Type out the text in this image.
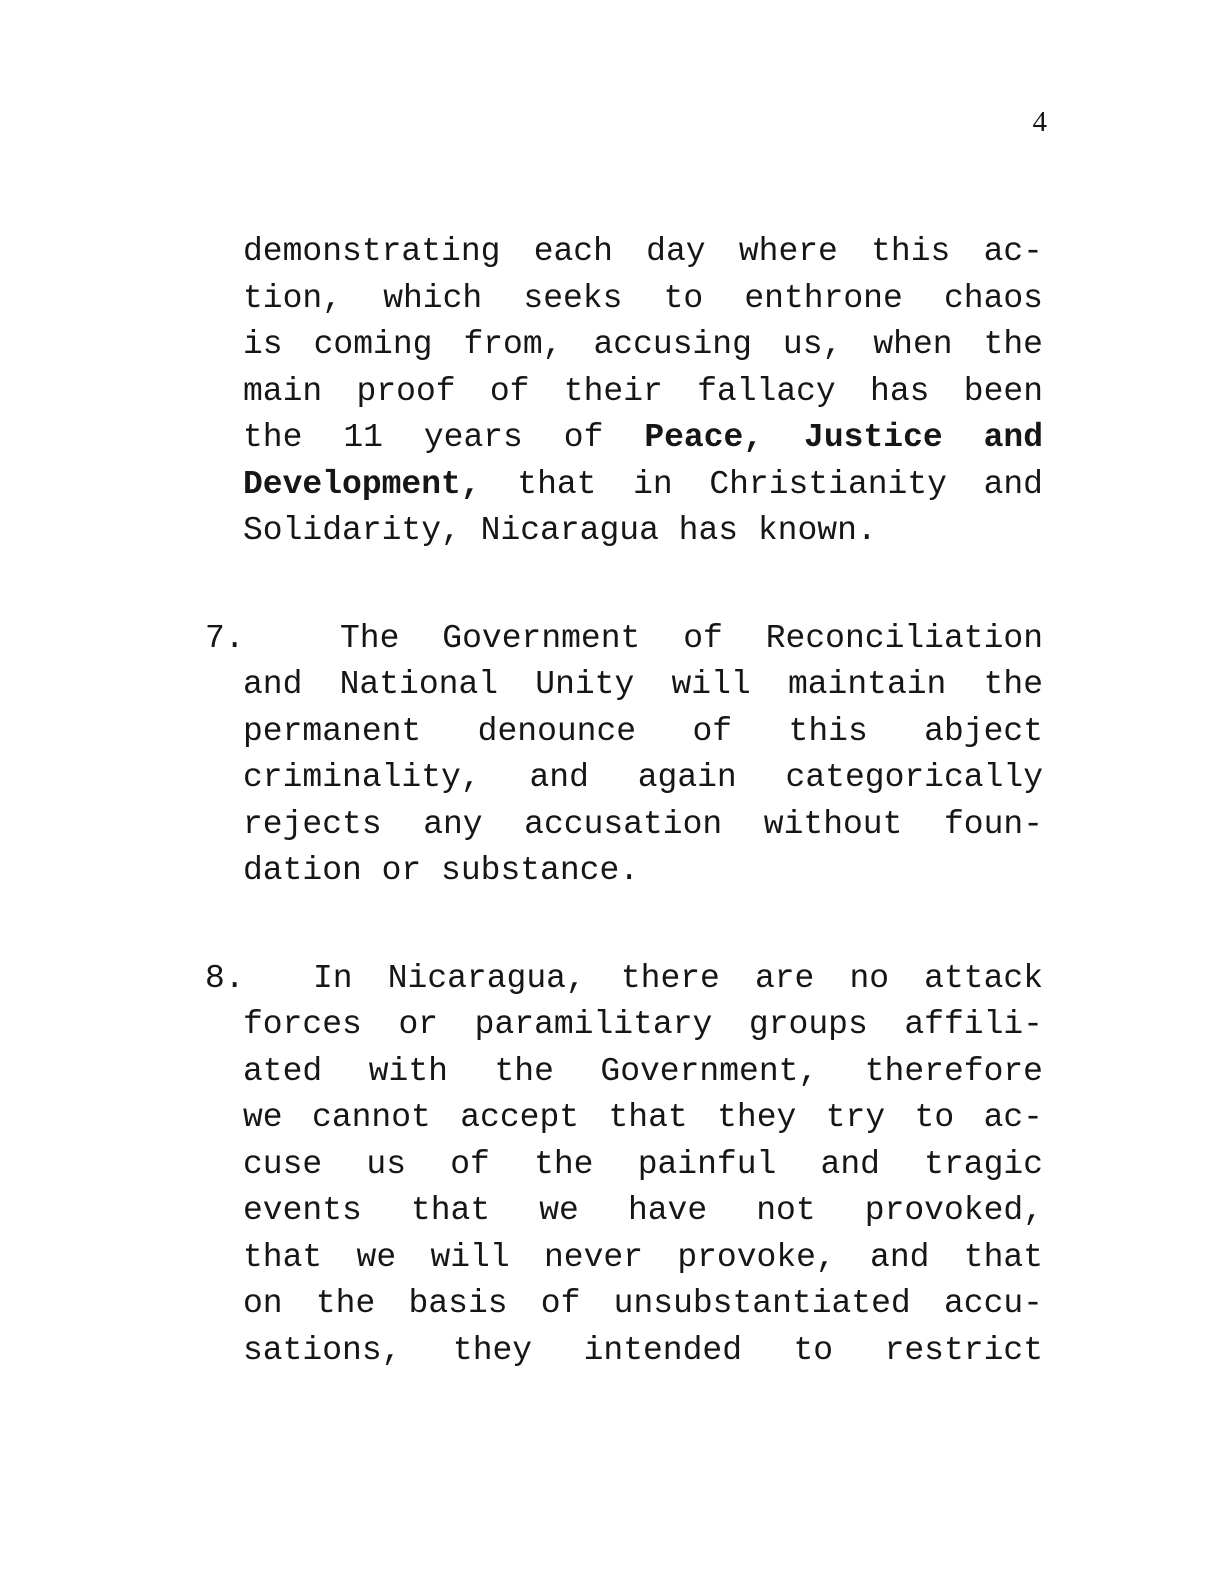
4
demonstrating each day where this ac-
tion, which seeks to enthrone chaos
is coming from, accusing us, when the
main proof of their fallacy has been
the 11 years of Peace, Justice and
Development, that in Christianity and
Solidarity, Nicaragua has known.
7.	The Government of Reconciliation
and National Unity will maintain the
permanent denounce of this abject
criminality, and again categorically
rejects any accusation without foun-
dation or substance.
8. In Nicaragua, there are no attack
forces or paramilitary groups affili-
ated with the Government, therefore
we cannot accept that they try to ac-
cuse us of the painful and tragic
events that we have not provoked,
that we will never provoke, and that
on the basis of unsubstantiated accu-
sations, they intended to restrict
